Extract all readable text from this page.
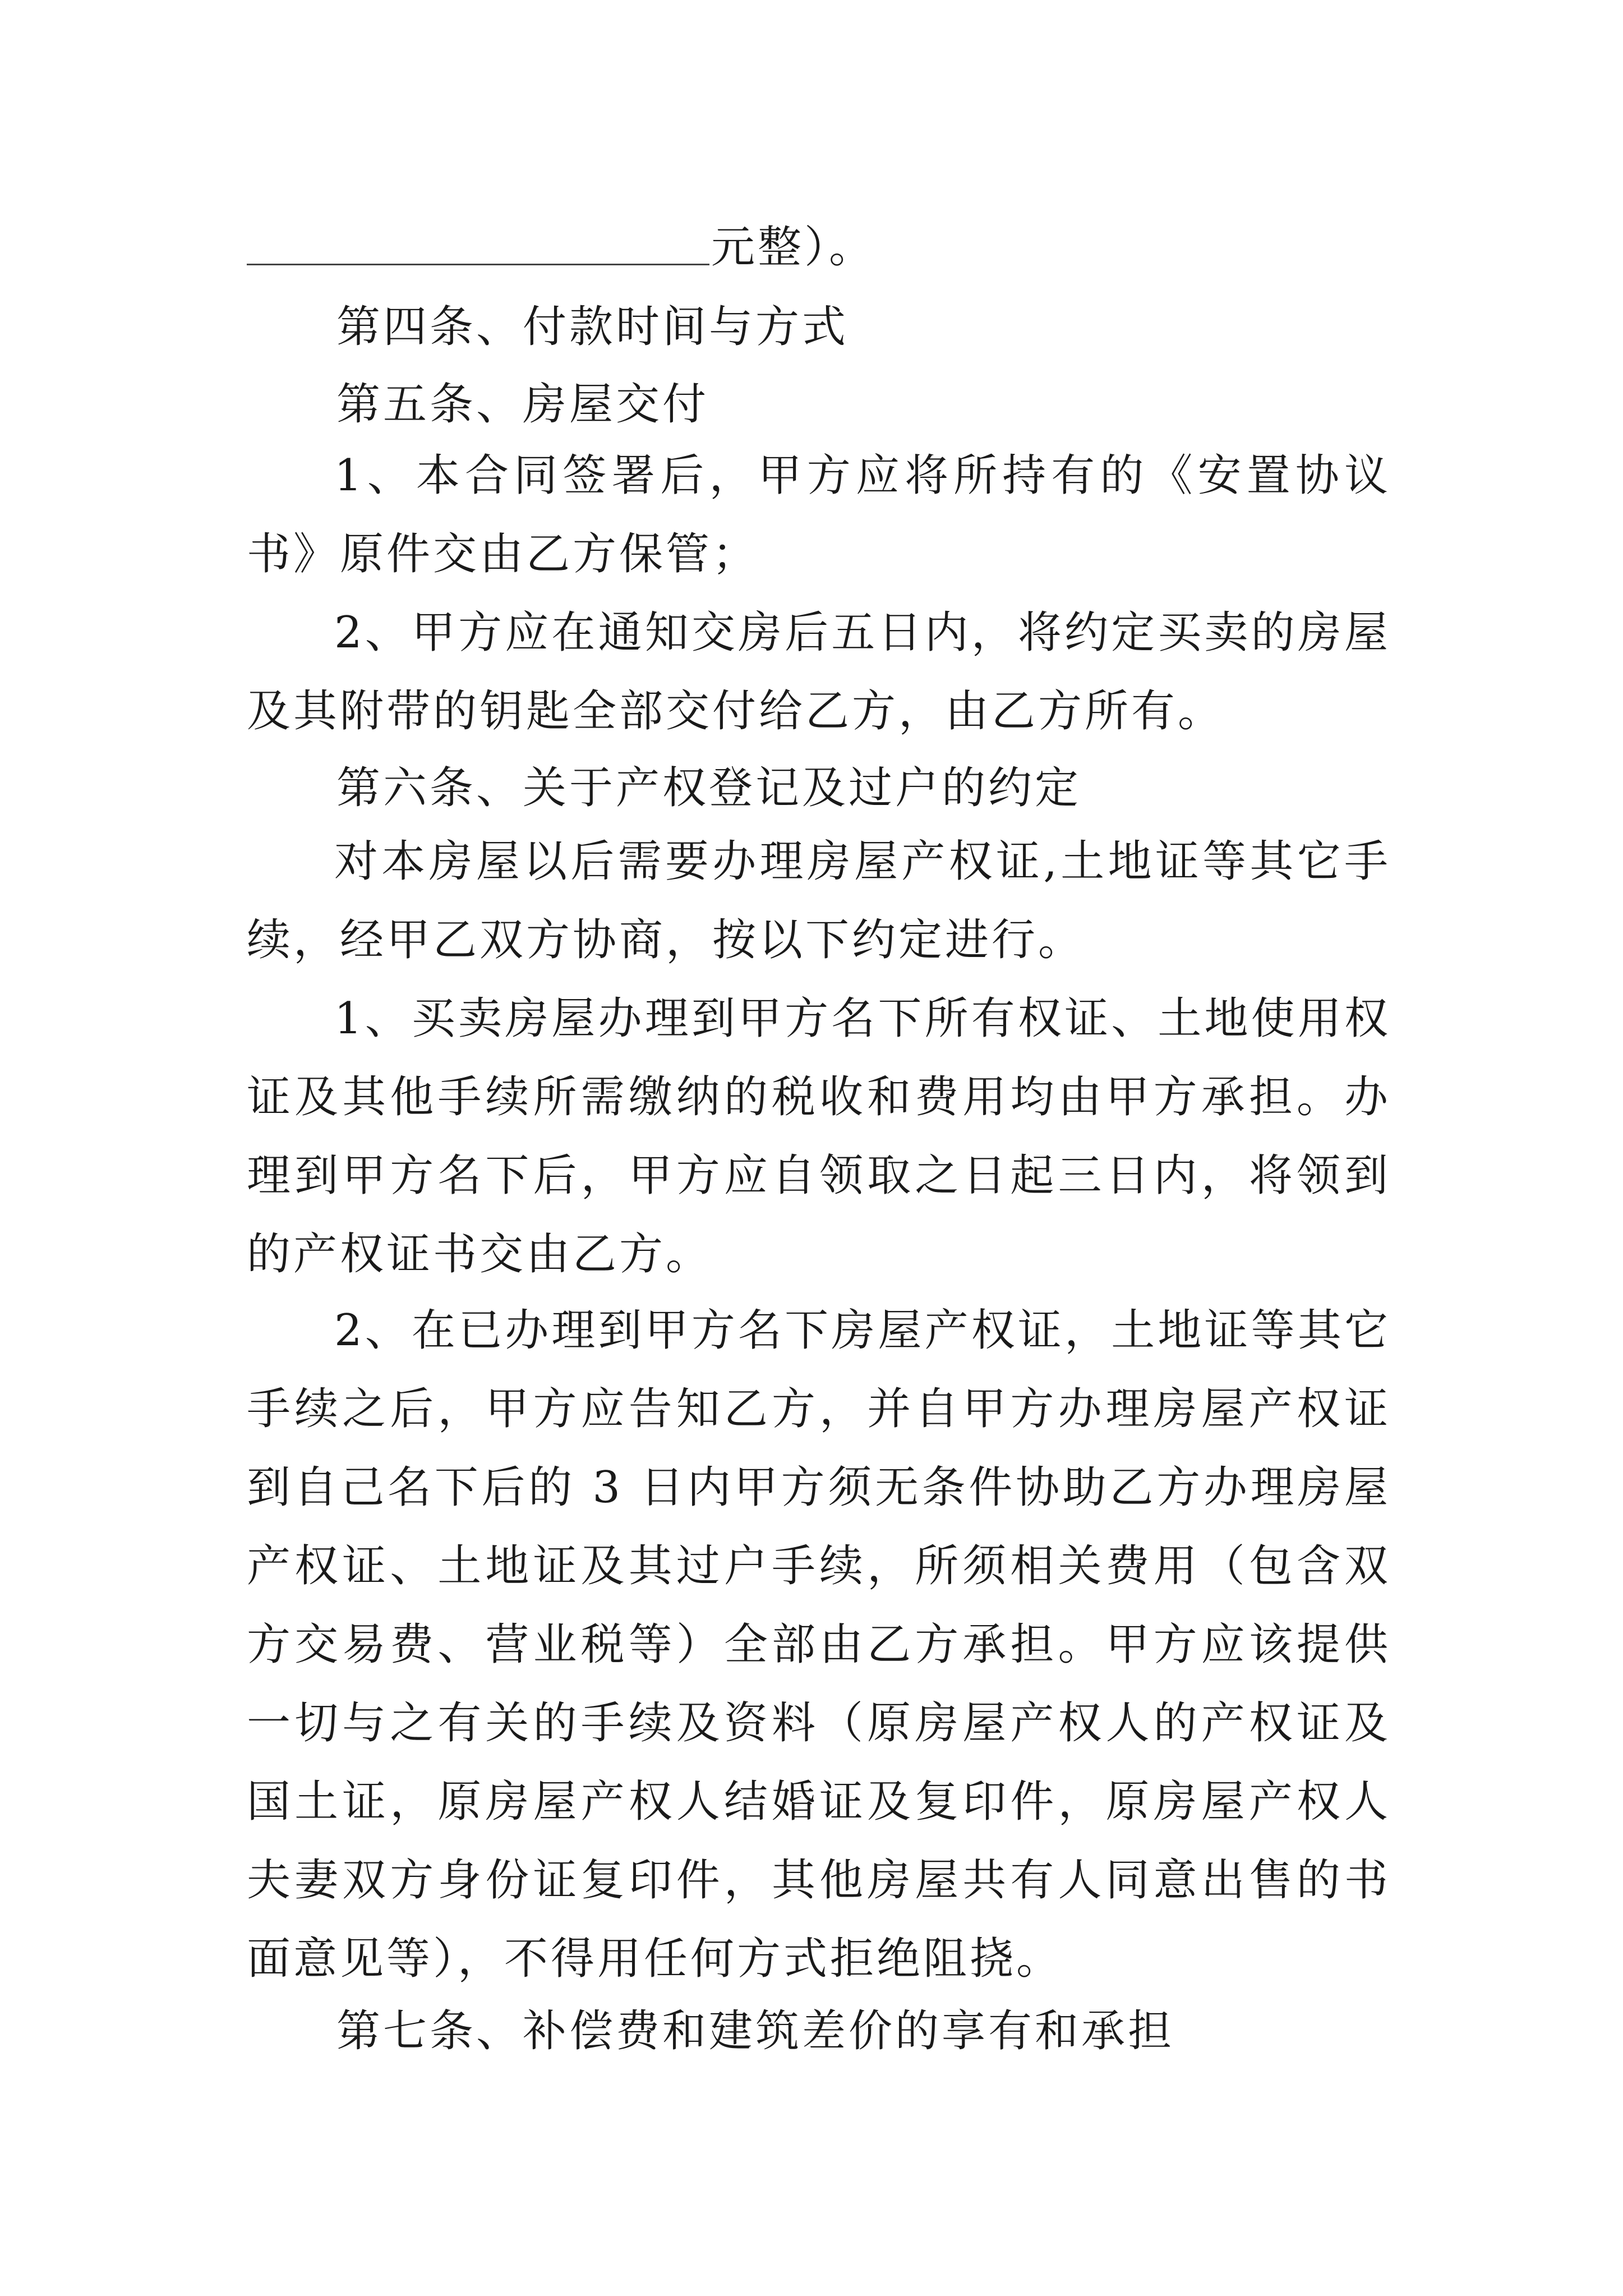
元整）。
第四条、付款时间与方式
第五条、房屋交付
1、本合同签署后，甲方应将所持有的《安置协议书》原件交由乙方保管；
2、甲方应在通知交房后五日内，将约定买卖的房屋及其附带的钥匙全部交付给乙方，由乙方所有。
第六条、关于产权登记及过户的约定
对本房屋以后需要办理房屋产权证,土地证等其它手续，经甲乙双方协商，按以下约定进行。
1、买卖房屋办理到甲方名下所有权证、土地使用权证及其他手续所需缴纳的税收和费用均由甲方承担。办理到甲方名下后，甲方应自领取之日起三日内，将领到的产权证书交由乙方。
2、在已办理到甲方名下房屋产权证，土地证等其它手续之后，甲方应告知乙方，并自甲方办理房屋产权证到自己名下后的 3 日内甲方须无条件协助乙方办理房屋产权证、土地证及其过户手续，所须相关费用（包含双方交易费、营业税等）全部由乙方承担。甲方应该提供一切与之有关的手续及资料（原房屋产权人的产权证及国土证，原房屋产权人结婚证及复印件，原房屋产权人夫妻双方身份证复印件，其他房屋共有人同意出售的书面意见等），不得用任何方式拒绝阻挠。
第七条、补偿费和建筑差价的享有和承担
